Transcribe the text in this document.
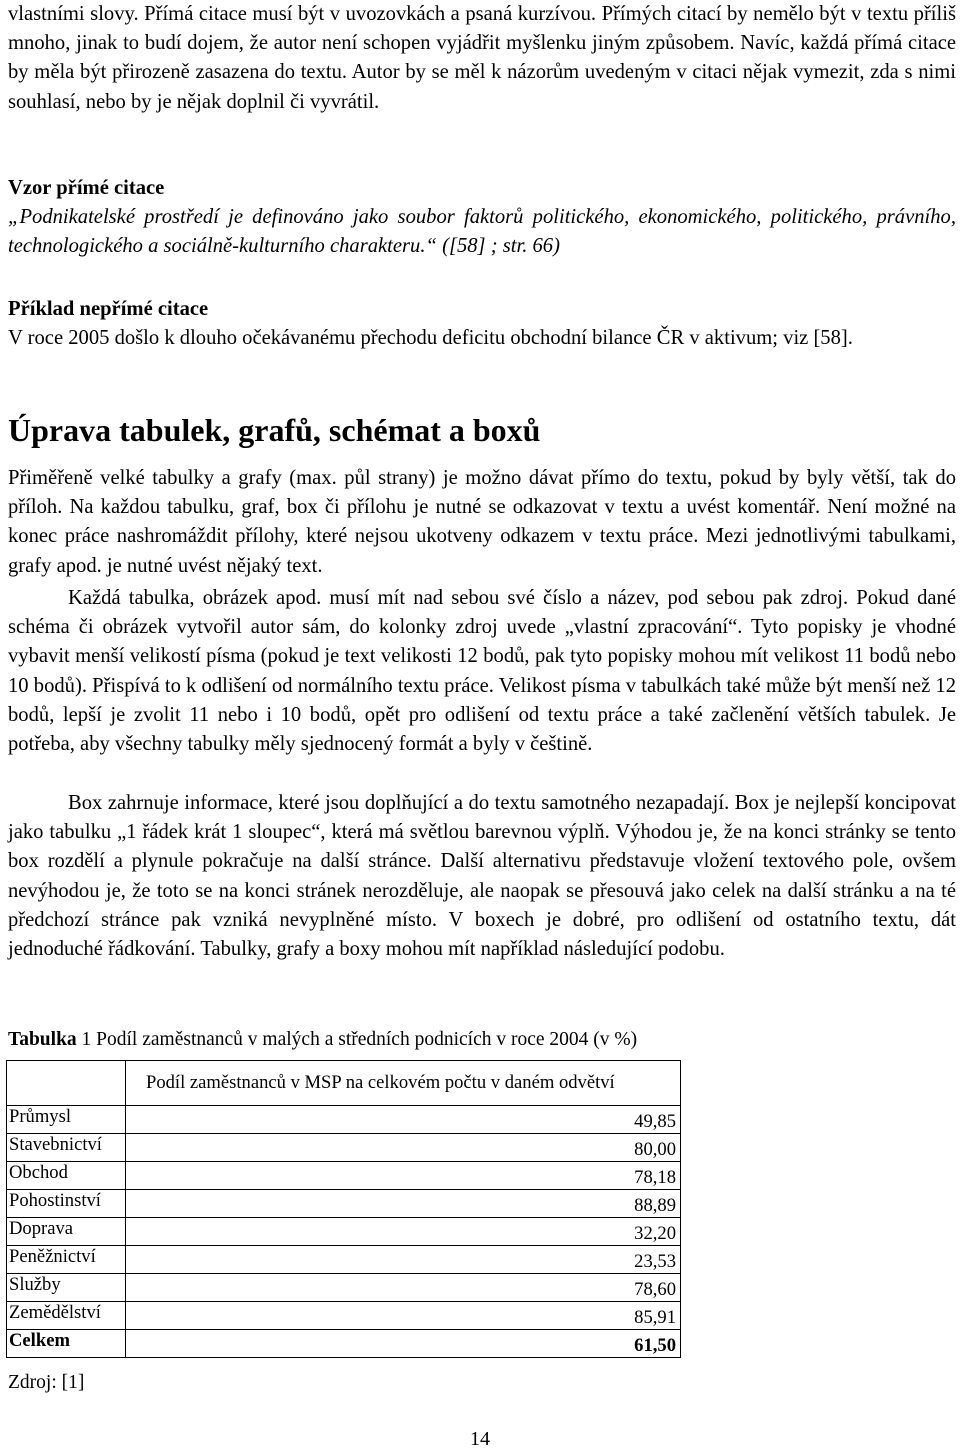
vlastními slovy. Přímá citace musí být v uvozovkách a psaná kurzívou. Přímých citací by nemělo být v textu příliš mnoho, jinak to budí dojem, že autor není schopen vyjádřit myšlenku jiným způsobem. Navíc, každá přímá citace by měla být přirozeně zasazena do textu. Autor by se měl k názorům uvedeným v citaci nějak vymezit, zda s nimi souhlasí, nebo by je nějak doplnil či vyvrátil.

Vzor přímé citace

„Podnikatelské prostředí je definováno jako soubor faktorů politického, ekonomického, politického, právního, technologického a sociálně-kulturního charakteru.“ ([58] ; str. 66)

Příklad nepřímé citace

V roce 2005 došlo k dlouho očekávanému přechodu deficitu obchodní bilance ČR v aktivum; viz [58].

Úprava tabulek, grafů, schémat a boxů

Přiměřeně velké tabulky a grafy (max. půl strany) je možno dávat přímo do textu, pokud by byly větší, tak do příloh. Na každou tabulku, graf, box či přílohu je nutné se odkazovat v textu a uvést komentář. Není možné na konec práce nashromáždit přílohy, které nejsou ukotveny odkazem v textu práce. Mezi jednotlivými tabulkami, grafy apod. je nutné uvést nějaký text.

Každá tabulka, obrázek apod. musí mít nad sebou své číslo a název, pod sebou pak zdroj. Pokud dané schéma či obrázek vytvořil autor sám, do kolonky zdroj uvede „vlastní zpracování“. Tyto popisky je vhodné vybavit menší velikostí písma (pokud je text velikosti 12 bodů, pak tyto popisky mohou mít velikost 11 bodů nebo 10 bodů). Přispívá to k odlišení od normálního textu práce. Velikost písma v tabulkách také může být menší než 12 bodů, lepší je zvolit 11 nebo i 10 bodů, opět pro odlišení od textu práce a také začlenění větších tabulek. Je potřeba, aby všechny tabulky měly sjednocený formát a byly v češtině.

Box zahrnuje informace, které jsou doplňující a do textu samotného nezapadají. Box je nejlepší koncipovat jako tabulku „1 řádek krát 1 sloupec“, která má světlou barevnou výplň. Výhodou je, že na konci stránky se tento box rozdělí a plynule pokračuje na další stránce. Další alternativu představuje vložení textového pole, ovšem nevýhodou je, že toto se na konci stránek nerozděluje, ale naopak se přesouvá jako celek na další stránku a na té předchozí stránce pak vzniká nevyplněné místo. V boxech je dobré, pro odlišení od ostatního textu, dát jednoduché řádkování. Tabulky, grafy a boxy mohou mít například následující podobu.

Tabulka 1 Podíl zaměstnanců v malých a středních podnicích v roce 2004 (v %)

	Podíl zaměstnanců v MSP na celkovém počtu v daném odvětví
Průmysl	49,85
Stavebnictví	80,00
Obchod	78,18
Pohostinství	88,89
Doprava	32,20
Peněžnictví	23,53
Služby	78,60
Zemědělství	85,91
Celkem	61,50

Zdroj: [1]

14
